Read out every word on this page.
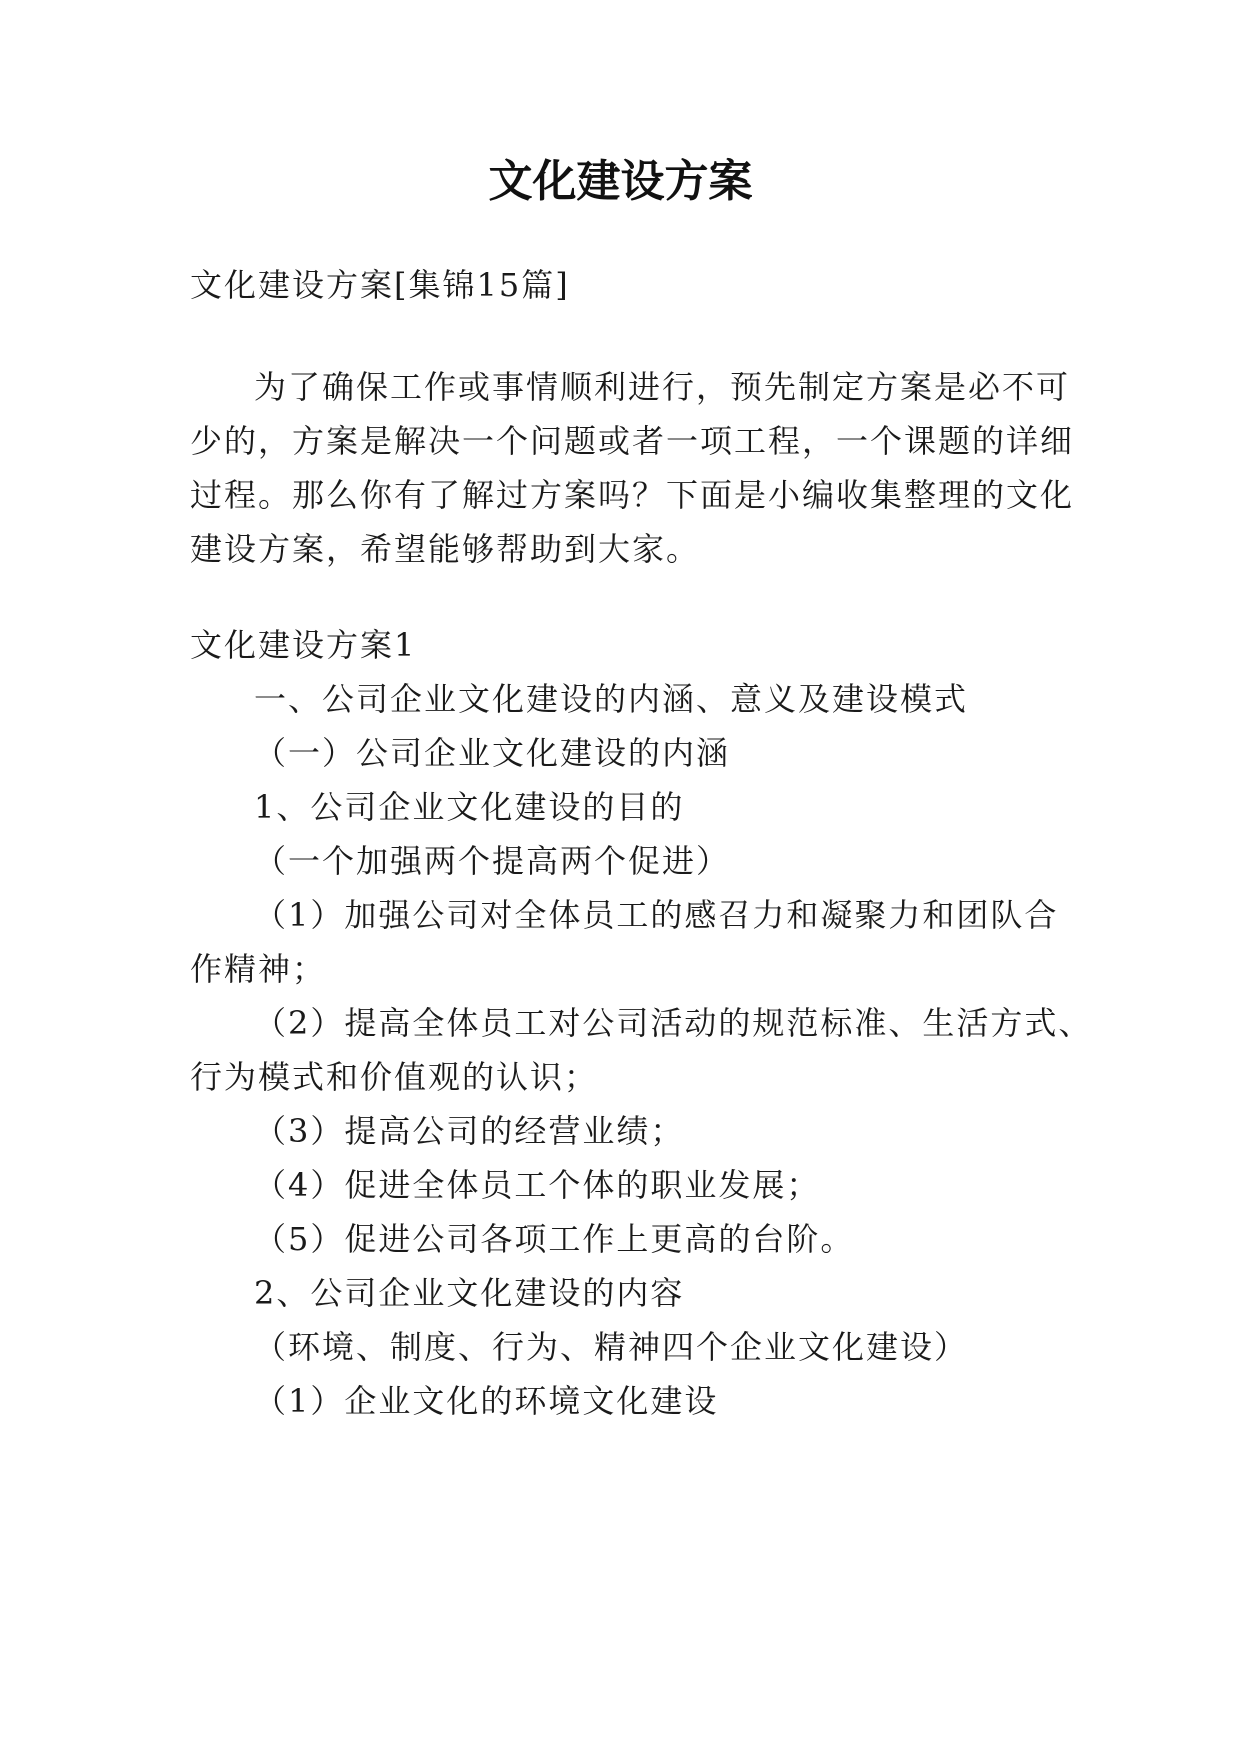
文化建设方案
文化建设方案[集锦15篇]
为了确保工作或事情顺利进行，预先制定方案是必不可
少的，方案是解决一个问题或者一项工程，一个课题的详细
过程。那么你有了解过方案吗？下面是小编收集整理的文化
建设方案，希望能够帮助到大家。
文化建设方案1
一、公司企业文化建设的内涵、意义及建设模式
（一）公司企业文化建设的内涵
1、公司企业文化建设的目的
（一个加强两个提高两个促进）
（1）加强公司对全体员工的感召力和凝聚力和团队合
作精神；
（2）提高全体员工对公司活动的规范标准、生活方式、
行为模式和价值观的认识；
（3）提高公司的经营业绩；
（4）促进全体员工个体的职业发展；
（5）促进公司各项工作上更高的台阶。
2、公司企业文化建设的内容
（环境、制度、行为、精神四个企业文化建设）
（1）企业文化的环境文化建设
